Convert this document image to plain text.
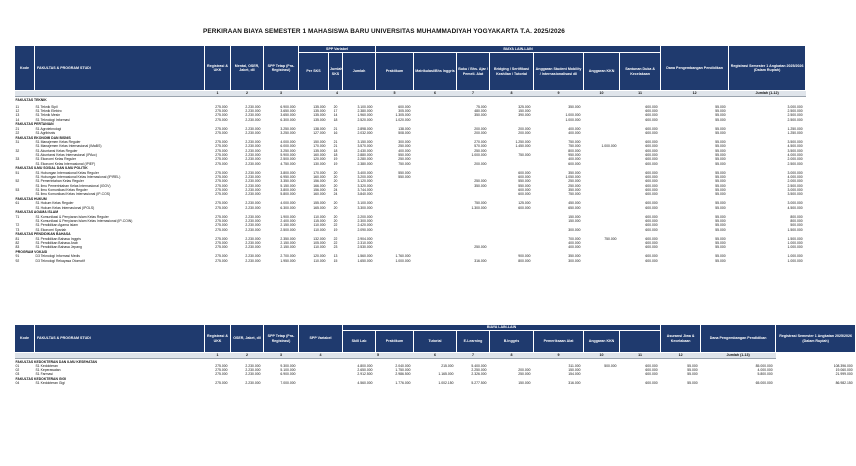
PERKIRAAN BIAYA SEMESTER 1 MAHASISWA BARU UNIVERSITAS MUHAMMADIYAH YOGYAKARTA T.A. 2025/2026
Kode	FAKULTAS & PROGRAM STUDI	Registrasi & UKK	Mental, OSER, Jaket, dll	SPP Tetap (Pra-Registrasi)	SPP Variabel			BIAYA LAIN-LAIN							Dana Pengembangan Pendidikan	Registrasi Semester 1 Angkatan 2025/2026 (Dalam Rupiah)	
					Per SKS	Jumlah SKS	Jumlah	Praktikum	Matrikulasi/Bhs Inggris	Buku / Bhs. Ajar / Pemeli. Alat	Bridging / Sertifikasi Keahlian / Tutorial	Anggaran Student Mobility / Internasionalisasi dll	Anggaran KKN	Santunan Duka & Kecelakaan			
		1	2	3	4			5	6	7	8	9	10	11	12	Jumlah (1-12)	
FAKULTAS TEKNIK																	

11	S1 Teknik Sipil	275.000	2.230.000	6.900.000	135.000	20	3.100.000	600.000		75.000	325.000	350.000		600.000	55.000	3.000.000	
12	S1 Teknik Elektro	275.000	2.230.000	3.650.000	135.000	17	2.380.000	305.000		480.000	150.000			600.000	55.000	2.500.000	
13	S1 Teknik Mesin	275.000	2.230.000	3.650.000	135.000	14	1.960.000	1.305.000		350.000	390.000	1.000.000		600.000	55.000	2.500.000	
14	S1 Teknologi Informasi	275.000	2.230.000	6.300.000	135.000	18	2.520.000	1.020.000				1.000.000		600.000	55.000	2.500.000	
FAKULTAS PERTANIAN																	
21	S1 Agroteknologi	275.000	2.230.000	3.250.000	138.000	21	2.898.000	138.000		200.000	200.000	400.000		600.000	55.000	1.250.000	
22	S1 Agribisnis	275.000	2.230.000	3.250.000	127.000	16	2.032.000	508.000		200.000	200.000	400.000		600.000	55.000	1.250.000	
FAKULTAS EKONOMI DAN BISNIS																	
31	S1 Manajemen Kelas Reguler	275.000	2.230.000	4.000.000	150.000	21	3.150.000	300.000		270.000	1.250.000	750.000		600.000	55.000	3.500.000	
	S1 Manajemen Kelas Internasional (IMaBS)	275.000	2.230.000	6.000.000	170.000	21	3.570.000	250.000		570.000	1.450.000	750.000	1.000.000	600.000	55.000	4.500.000	
32	S1 Akuntansi Kelas Reguler	275.000	2.230.000	3.250.000	135.000	18	2.430.000	400.000		250.000		800.000		600.000	55.000	3.500.000	
	S1 Akuntansi Kelas Internasional (IPAcc)	275.000	2.230.000	5.900.000	160.000	18	2.880.000	550.000		1.000.000	750.000	950.000		600.000	55.000	4.000.000	
33	S1 Ekonomi Kelas Reguler	275.000	2.230.000	2.500.000	120.000	19	2.280.000	250.000				400.000		600.000	55.000	2.000.000	
	S1 Ekonomi Kelas Internasional (IPIEF)	275.000	2.230.000	4.750.000	130.000	19	2.380.000	750.000		200.000		600.000		600.000	55.000	2.500.000	
FAKULTAS ILMU SOSIAL DAN ILMU POLITIK																	
51	S1 Hubungan Internasional Kelas Reguler	275.000	2.230.000	3.800.000	170.000	20	3.400.000	550.000			600.000	350.000		600.000	55.000	3.000.000	
	S1 Hubungan Internasional Kelas Internasional (IPIREL)	275.000	2.230.000	6.950.000	160.000	20	3.200.000	550.000			600.000	1.050.000		600.000	55.000	4.000.000	
52	S1 Pemerintahan Kelas Reguler	275.000	2.230.000	3.350.000	156.000	20	3.120.000			250.000	550.000	250.000		600.000	55.000	2.000.000	
	S1 Ilmu Pemerintahan Kelas Internasional (IGOV)	275.000	2.230.000	5.150.000	166.000	20	3.320.000			350.000	550.000	250.000		600.000	55.000	2.500.000	
53	S1 Ilmu Komunikasi Kelas Reguler	275.000	2.230.000	3.800.000	156.000	24	3.744.000				600.000	350.000		600.000	55.000	3.000.000	
	S1 Ilmu Komunikasi Kelas Internasional (IP-COS)	275.000	2.230.000	5.800.000	160.000	24	3.840.000				600.000	750.000		600.000	55.000	3.500.000	
FAKULTAS HUKUM																	
61	S1 Hukum Kelas Reguler	275.000	2.230.000	4.000.000	155.000	20	3.100.000			750.000	125.000	450.000		600.000	55.000	3.000.000	
	S1 Hukum Kelas Internasional (IPOLS)	275.000	2.230.000	6.300.000	165.000	20	3.300.000			1.300.000	600.000	650.000		600.000	55.000	4.500.000	
FAKULTAS AGAMA ISLAM																	
71	S1 Komunikasi & Penyiaran Islam Kelas Reguler	275.000	2.230.000	1.900.000	110.000	20	2.200.000					150.000		600.000	55.000	800.000	
	S1 Komunikasi & Penyiaran Islam Kelas Internasional (IP-COIN)	275.000	2.230.000	2.400.000	115.000	20	2.300.000					150.000		600.000	55.000	800.000	
72	S1 Pendidikan Agama Islam	275.000	2.230.000	2.150.000	110.000	22	2.420.000							600.000	55.000	500.000	
73	S1 Ekonomi Syariah	275.000	2.230.000	2.500.000	110.000	19	2.090.000					300.000		600.000	55.000	1.500.000	
FAKULTAS PENDIDIKAN BAHASA																	
81	S1 Pendidikan Bahasa Inggris	275.000	2.230.000	2.350.000	132.000	22	2.904.000					700.000	750.000	600.000	55.000	1.500.000	
82	S1 Pendidikan Bahasa Arab	275.000	2.230.000	2.150.000	105.000	22	2.310.000					400.000		600.000	55.000	1.000.000	
83	S1 Pendidikan Bahasa Jepang	275.000	2.230.000	2.150.000	110.000	23	2.530.000			250.000		400.000		600.000	55.000	1.000.000	
PROGRAM VOKASI																	
91	D3 Teknologi Informasi Medis	275.000	2.230.000	2.700.000	120.000	13	1.560.000	1.760.000			900.000	350.000		600.000	55.000	1.000.000	
92	D3 Teknologi Rekayasa Otomotif	275.000	2.230.000	1.950.000	110.000	15	1.650.000	1.000.000		316.000	800.000	300.000		600.000	55.000	1.000.000	
Kode	FAKULTAS & PROGRAM STUDI	Registrasi & UKK	OSER, Jaket, dll	SPP Tetap (Pra-Registrasi)	SPP Variabel	BIAYA LAIN-LAIN								Asuransi Jiwa & Kecelakaan	Dana Pengembangan Pendidikan	Registrasi Semester 1 Angkatan 2025/2026 (Dalam Rupiah)
						Skill Lab	Praktikum	Tutorial	E-Learning	B.Inggris	Pemeriksaan Alat	Anggaran KKN				
		1	2	3	4	5		6	7	8	9	10	11	12	Jumlah (1-13)	
FAKULTAS KEDOKTERAN DAN ILMU KESEHATAN																
01	S1 Kedokteran	275.000	2.230.000	9.300.000		4.800.000	2.040.000	215.000	5.400.000		311.000	500.000	600.000	55.000	85.000.000	108.396.000
02	S1 Keperawatan	275.000	2.230.000	5.100.000		2.650.000	1.750.000		2.250.000	200.000	150.000		600.000	55.000	4.000.000	19.060.000
03	S1 Farmasi	275.000	2.230.000	6.900.000		2.912.500	2.986.500	1.165.000	2.326.000	250.000	154.000		600.000	55.000	5.800.000	21.999.000
FAKULTAS KEDOKTERAN GIGI																
04	S1 Kedokteran Gigi	275.000	2.230.000	7.000.000		4.560.000	1.776.000	1.002.150	5.277.500	150.000	316.000		600.000	55.000	65.000.000	86.982.150
